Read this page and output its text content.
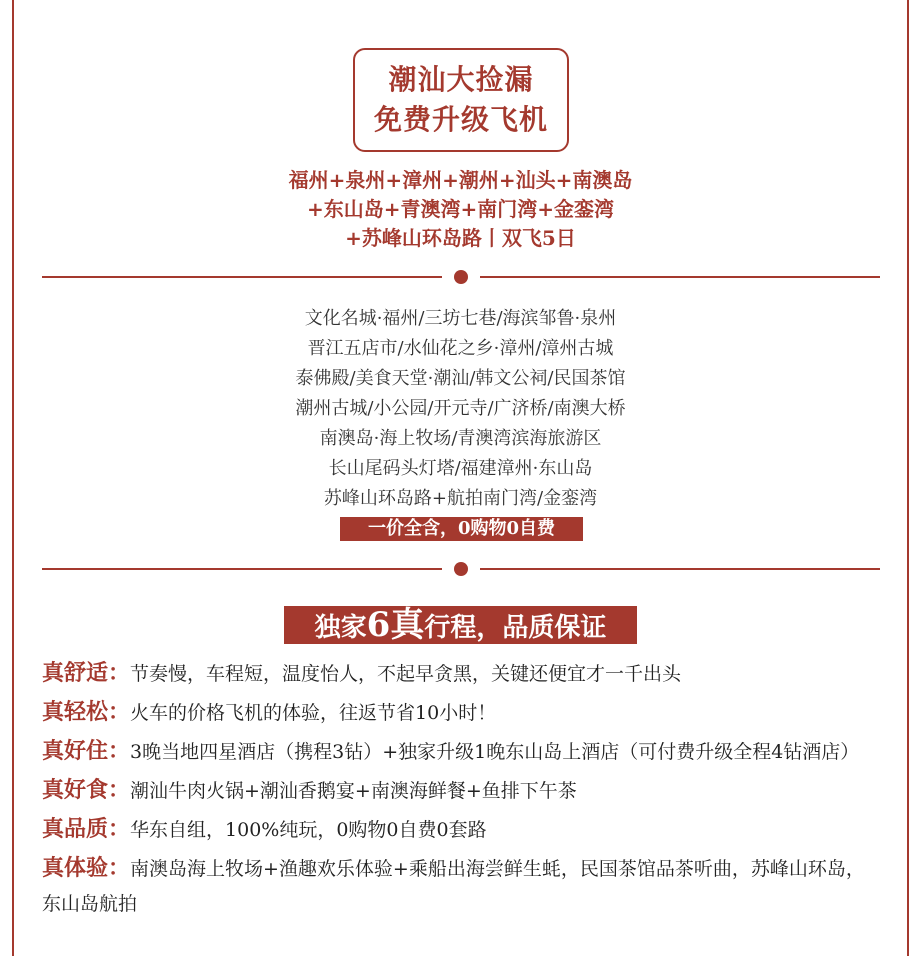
潮汕大捡漏
免费升级飞机
福州+泉州+漳州+潮州+汕头+南澳岛
+东山岛+青澳湾+南门湾+金銮湾
+苏峰山环岛路丨双飞5日
文化名城·福州/三坊七巷/海滨邹鲁·泉州
晋江五店市/水仙花之乡·漳州/漳州古城
泰佛殿/美食天堂·潮汕/韩文公祠/民国茶馆
潮州古城/小公园/开元寺/广济桥/南澳大桥
南澳岛·海上牧场/青澳湾滨海旅游区
长山尾码头灯塔/福建漳州·东山岛
苏峰山环岛路+航拍南门湾/金銮湾
一价全含，0购物0自费
独家6真行程，品质保证
真舒适：节奏慢，车程短，温度怡人，不起早贪黑，关键还便宜才一千出头
真轻松：火车的价格飞机的体验，往返节省10小时！
真好住：3晚当地四星酒店（携程3钻）+独家升级1晚东山岛上酒店（可付费升级全程4钻酒店）
真好食：潮汕牛肉火锅+潮汕香鹅宴+南澳海鲜餐+鱼排下午茶
真品质：华东自组，100%纯玩，0购物0自费0套路
真体验：南澳岛海上牧场+渔趣欢乐体验+乘船出海尝鲜生蚝，民国茶馆品茶听曲，苏峰山环岛，东山岛航拍
